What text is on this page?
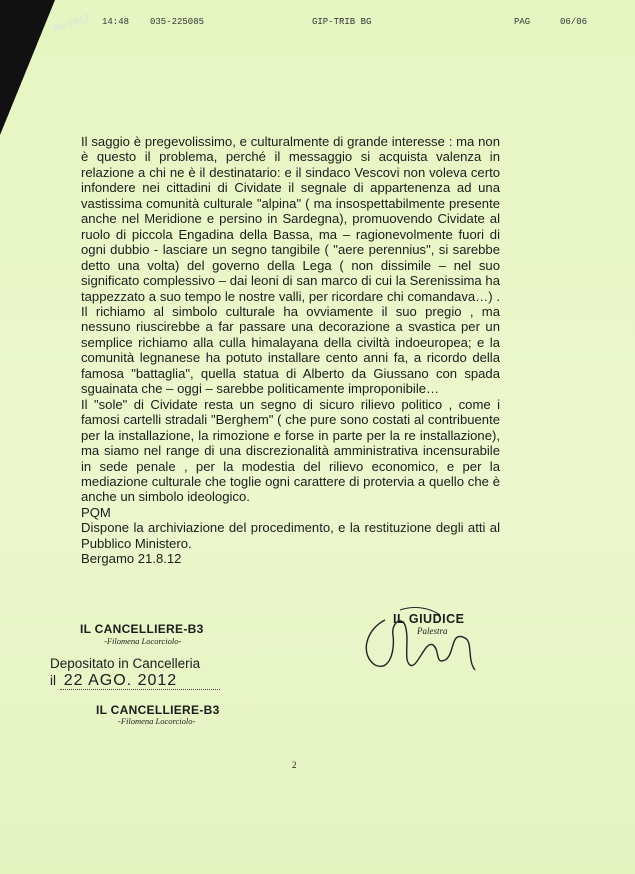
09/2012 14:48 035-225085	GIP-TRIB BG	PAG	06/06

Il saggio è pregevolissimo, e culturalmente di grande interesse : ma non è questo il problema, perché il messaggio si acquista valenza in relazione a chi ne è il destinatario: e il sindaco Vescovi non voleva certo infondere nei cittadini di Cividate il segnale di appartenenza ad una vastissima comunità culturale "alpina" ( ma insospettabilmente presente anche nel Meridione e persino in Sardegna), promuovendo Cividate al ruolo di piccola Engadina della Bassa, ma – ragionevolmente fuori di ogni dubbio - lasciare un segno tangibile ( "aere perennius", si sarebbe detto una volta) del governo della Lega ( non dissimile – nel suo significato complessivo – dai leoni di san marco di cui la Serenissima ha tappezzato a suo tempo le nostre valli, per ricordare chi comandava…) . Il richiamo al simbolo culturale ha ovviamente il suo pregio , ma nessuno riuscirebbe a far passare una decorazione a svastica per un semplice richiamo alla culla himalayana della civiltà indoeuropea; e la comunità legnanese ha potuto installare cento anni fa, a ricordo della famosa "battaglia", quella statua di Alberto da Giussano con spada sguainata che – oggi – sarebbe politicamente improponibile…

Il "sole" di Cividate resta un segno di sicuro rilievo politico , come i famosi cartelli stradali "Berghem" ( che pure sono costati al contribuente per la installazione, la rimozione e forse in parte per la re installazione), ma siamo nel range di una discrezionalità amministrativa incensurabile in sede penale , per la modestia del rilievo economico, e per la mediazione culturale che toglie ogni carattere di protervia a quello che è anche un simbolo ideologico.

PQM

Dispone la archiviazione del procedimento, e la restituzione degli atti al Pubblico Ministero.

Bergamo 21.8.12

IL CANCELLIERE-B3
-Filomena Locorciolo-
Depositato in Cancelleria
il 22 AGO. 2012
IL CANCELLIERE-B3
-Filomena Locorciolo-
IL GIUDICE
Palestra
2
